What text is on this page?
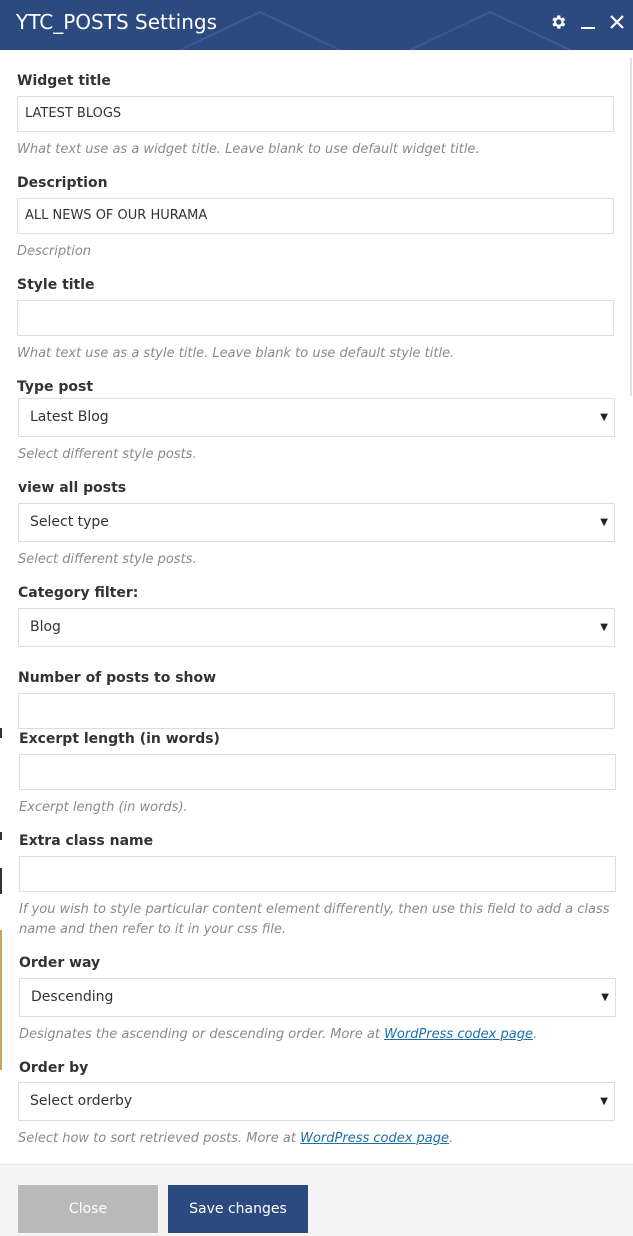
YTC_POSTS Settings
Widget title
LATEST BLOGS
What text use as a widget title. Leave blank to use default widget title.
Description
ALL NEWS OF OUR HURAMA
Description
Style title
What text use as a style title. Leave blank to use default style title.
Type post
Latest Blog	▼
Select different style posts.
view all posts
Select type	▼
Select different style posts.
Category filter:
Blog	▼
Number of posts to show
Excerpt length (in words)
Excerpt length (in words).
Extra class name
If you wish to style particular content element differently, then use this field to add a class name and then refer to it in your css file.
Order way
Descending	▼
Designates the ascending or descending order. More at WordPress codex page.
Order by
Select orderby	▼
Select how to sort retrieved posts. More at WordPress codex page.
Close	Save changes
